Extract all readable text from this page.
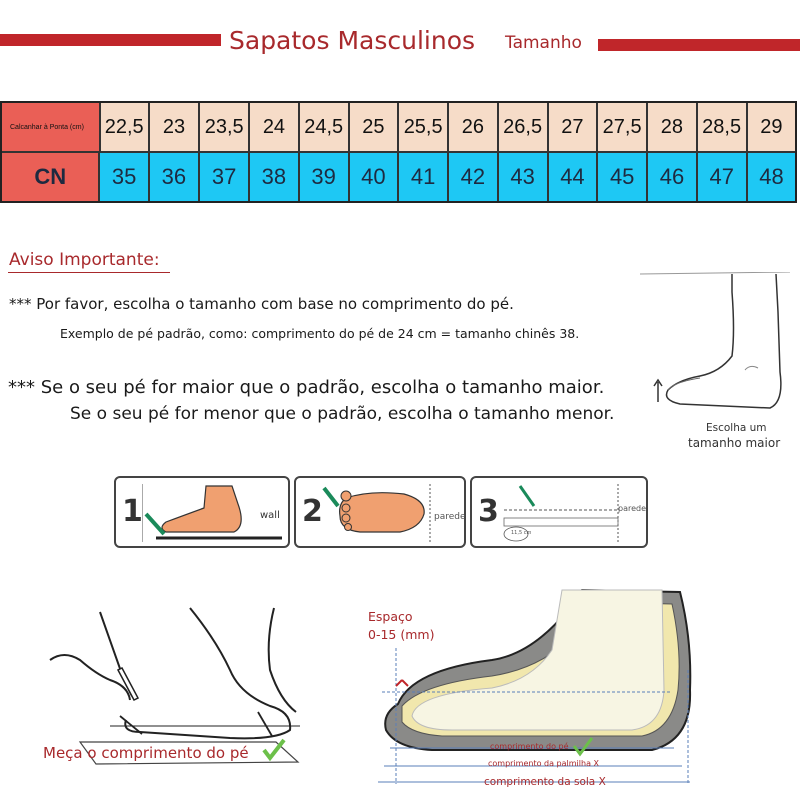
Sapatos Masculinos Tamanho
Calcanhar à Ponta (cm) 22,5 23 23,5 24 24,5 25 25,5 26 26,5 27 27,5 28 28,5 29
CN	35	36	37	38	39	40	41	42	43	44	45	46	47	48
Aviso Importante:
*** Por favor, escolha o tamanho com base no comprimento do pé.
Exemplo de pé padrão, como: comprimento do pé de 24 cm = tamanho chinês 38.
*** Se o seu pé for maior que o padrão, escolha o tamanho maior.
Se o seu pé for menor que o padrão, escolha o tamanho menor.
Escolha um
tamanho maior
1	wall 2	parede 3
11,5 cm
parede
Meça o comprimento do pé
Espaço
0-15 (mm)
comprimento do pé
comprimento da palmilha X
comprimento da sola X
